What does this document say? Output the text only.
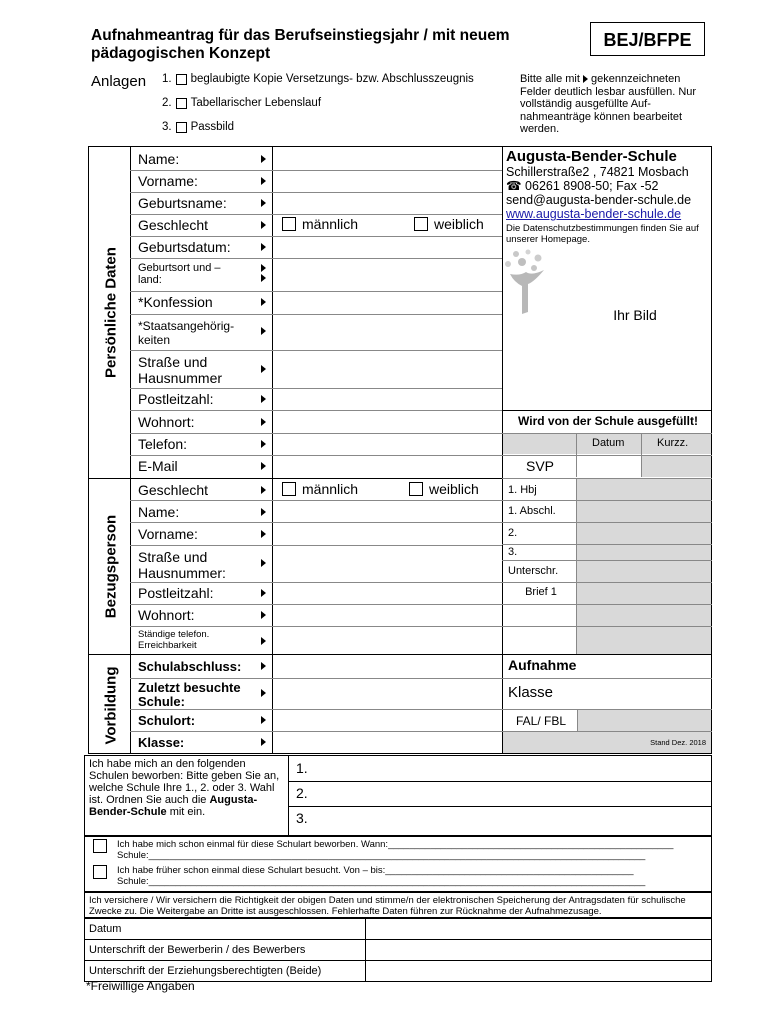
Aufnahmeantrag für das Berufseinstiegsjahr / mit neuem pädagogischen Konzept
BEJ/BFPE
Anlagen 1. beglaubigte Kopie Versetzungs- bzw. Abschlusszeugnis
2. Tabellarischer Lebenslauf
3. Passbild
Bitte alle mit gekennzeichneten Felder deutlich lesbar ausfüllen. Nur vollständig ausgefüllte Auf-nahmeanträge können bearbeitet werden.
Persönliche Daten
Bezugsperson
Vorbildung
Name:
Vorname:
Geburtsname:
Geschlecht	männlich	weiblich
Geburtsdatum:
Geburtsort und – land:
*Konfession
*Staatsangehörig-keiten
Straße und Hausnummer
Postleitzahl:
Wohnort:
Telefon:
E-Mail
Geschlecht	männlich	weiblich
Name:
Vorname:
Straße und Hausnummer:
Postleitzahl:
Wohnort:
Ständige telefon. Erreichbarkeit
Schulabschluss:
Zuletzt besuchte Schule:
Schulort:
Klasse:
Augusta-Bender-Schule
Schillerstraße2 , 74821 Mosbach
☎ 06261 8908-50; Fax -52
send@augusta-bender-schule.de
www.augusta-bender-schule.de
Die Datenschutzbestimmungen finden Sie auf unserer Homepage.
Ihr Bild
Wird von der Schule ausgefüllt!
Datum	Kurzz.
SVP
1. Hbj
1. Abschl.
2.
3.
Unterschr.
Brief 1
Aufnahme
Klasse
FAL/ FBL
Stand Dez. 2018
Ich habe mich an den folgenden Schulen beworben: Bitte geben Sie an, welche Schule Ihre 1., 2. oder 3. Wahl ist. Ordnen Sie auch die Augusta-Bender-Schule mit ein.
1.
2.
3.
Ich habe mich schon einmal für diese Schulart beworben. Wann:______________________________________________________
Schule:______________________________________________________________________________________________
Ich habe früher schon einmal diese Schulart besucht. Von – bis:_______________________________________________
Schule:______________________________________________________________________________________________
Ich versichere / Wir versichern die Richtigkeit der obigen Daten und stimme/n der elektronischen Speicherung der Antragsdaten für schulische Zwecke zu. Die Weitergabe an Dritte ist ausgeschlossen. Fehlerhafte Daten führen zur Rücknahme der Aufnahmezusage.
Datum
Unterschrift der Bewerberin / des Bewerbers
Unterschrift der Erziehungsberechtigten (Beide)
*Freiwillige Angaben
